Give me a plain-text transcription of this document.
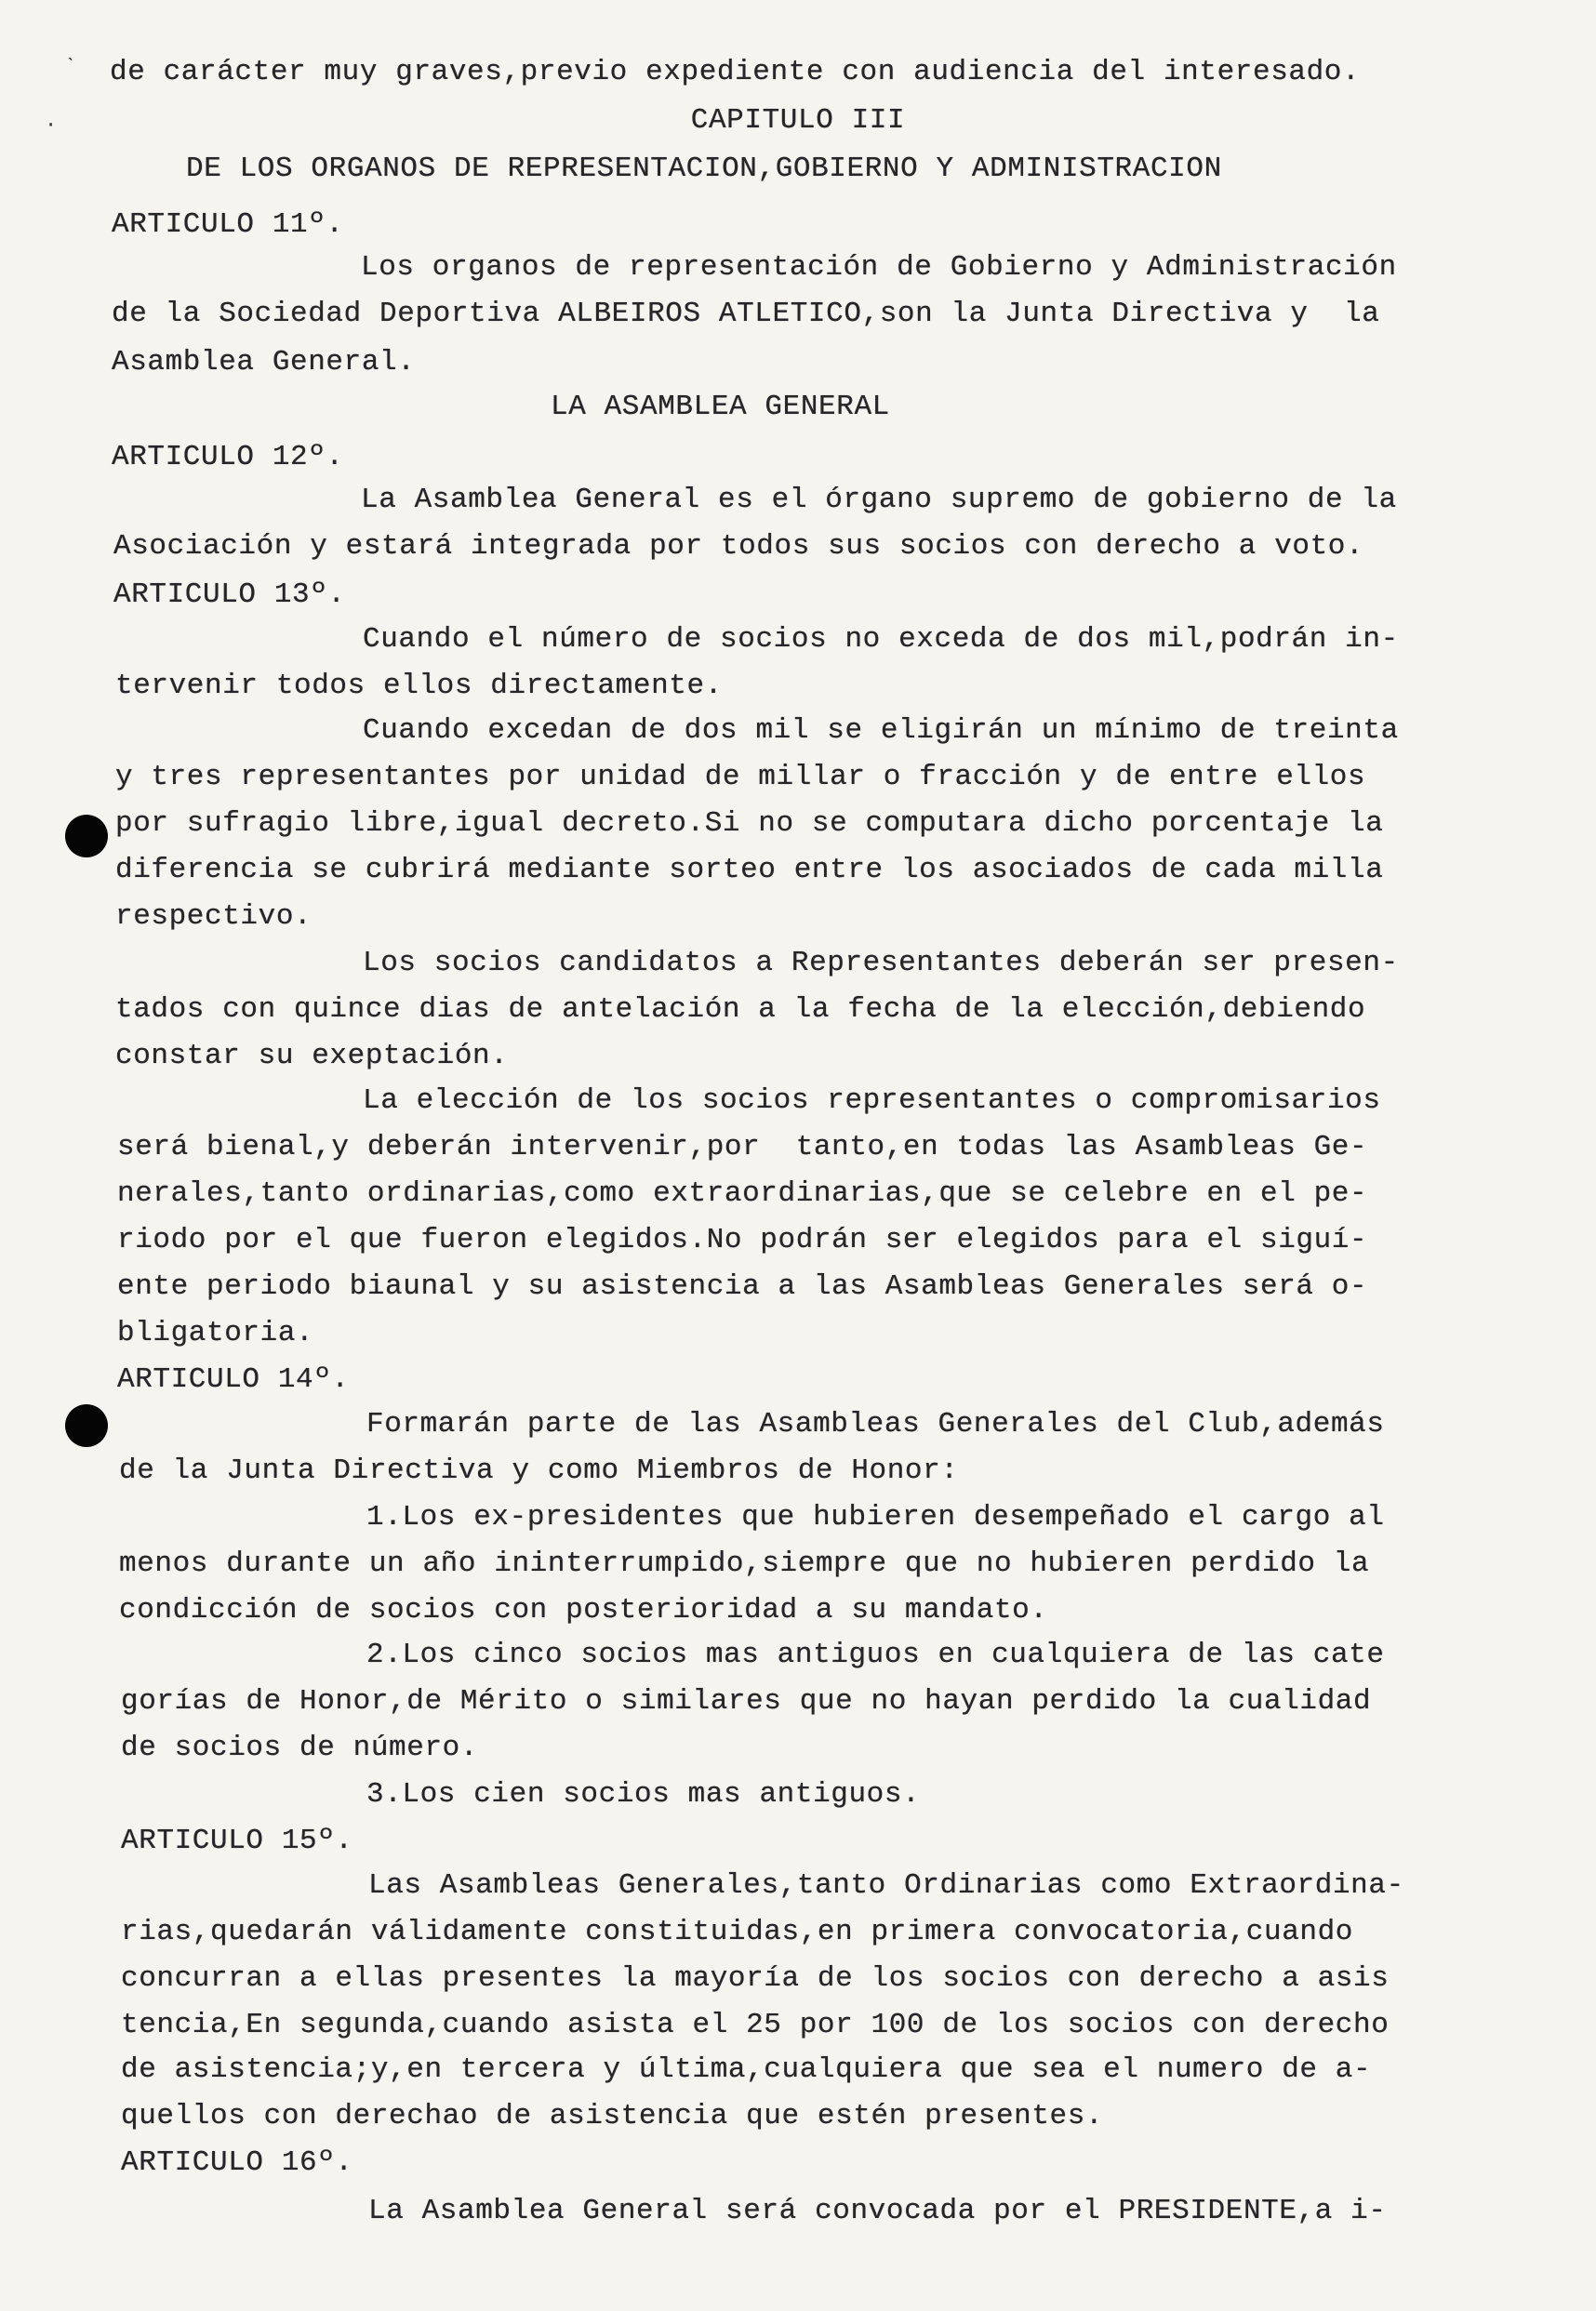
ˋ
·
de carácter muy graves,previo expediente con audiencia del interesado.
CAPITULO III
DE LOS ORGANOS DE REPRESENTACION,GOBIERNO Y ADMINISTRACION
ARTICULO 11º.
Los organos de representación de Gobierno y Administración
de la Sociedad Deportiva ALBEIROS ATLETICO,son la Junta Directiva y  la
Asamblea General.
LA ASAMBLEA GENERAL
ARTICULO 12º.
La Asamblea General es el órgano supremo de gobierno de la
Asociación y estará integrada por todos sus socios con derecho a voto.
ARTICULO 13º.
Cuando el número de socios no exceda de dos mil,podrán in-
tervenir todos ellos directamente.
Cuando excedan de dos mil se eligirán un mínimo de treinta
y tres representantes por unidad de millar o fracción y de entre ellos
por sufragio libre,igual decreto.Si no se computara dicho porcentaje la
diferencia se cubrirá mediante sorteo entre los asociados de cada milla
respectivo.
Los socios candidatos a Representantes deberán ser presen-
tados con quince dias de antelación a la fecha de la elección,debiendo
constar su exeptación.
La elección de los socios representantes o compromisarios
será bienal,y deberán intervenir,por  tanto,en todas las Asambleas Ge-
nerales,tanto ordinarias,como extraordinarias,que se celebre en el pe-
riodo por el que fueron elegidos.No podrán ser elegidos para el siguí-
ente periodo biaunal y su asistencia a las Asambleas Generales será o-
bligatoria.
ARTICULO 14º.
Formarán parte de las Asambleas Generales del Club,además
de la Junta Directiva y como Miembros de Honor:
1.Los ex-presidentes que hubieren desempeñado el cargo al
menos durante un año ininterrumpido,siempre que no hubieren perdido la
condicción de socios con posterioridad a su mandato.
2.Los cinco socios mas antiguos en cualquiera de las cate
gorías de Honor,de Mérito o similares que no hayan perdido la cualidad
de socios de número.
3.Los cien socios mas antiguos.
ARTICULO 15º.
Las Asambleas Generales,tanto Ordinarias como Extraordina-
rias,quedarán válidamente constituidas,en primera convocatoria,cuando
concurran a ellas presentes la mayoría de los socios con derecho a asis
tencia,En segunda,cuando asista el 25 por 100 de los socios con derecho
de asistencia;y,en tercera y última,cualquiera que sea el numero de a-
quellos con derechao de asistencia que estén presentes.
ARTICULO 16º.
La Asamblea General será convocada por el PRESIDENTE,a i-
